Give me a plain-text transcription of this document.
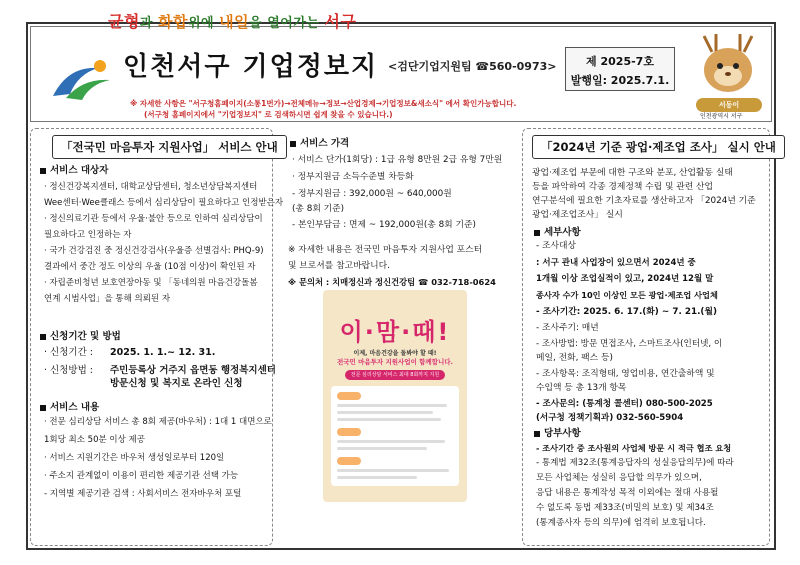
균형과 화합위에 내일을 열어가는 서구
인천서구 기업정보지 <검단기업지원팀 ☎560-0973>	제 2025-7호
발행일: 2025.7.1.
※ 자세한 사항은 "서구청홈페이지(소통1번가)→전체메뉴→정보→산업경제→기업정보&새소식" 에서 확인가능합니다.
(서구청 홈페이지에서 "기업정보지" 로 검색하시면 쉽게 찾을 수 있습니다.)
서동이
인천광역시 서구
「전국민 마음투자 지원사업」 서비스 안내
서비스 대상자
· 정신건강복지센터, 대학교상담센터, 청소년상담복지센터
Wee센터·Wee클래스 등에서 심리상담이 필요하다고 인정받은자
· 정신의료기관 등에서 우울·불안 등으로 인하여 심리상담이
필요하다고 인정하는 자
· 국가 건강검진 중 정신건강검사(우울증 선별검사: PHQ-9)
결과에서 중간 정도 이상의 우울 (10점 이상)이 확인된 자
· 자립준비청년 보호연장아동 및 「동네의원 마음건강돌봄
연계 시범사업」을 통해 의뢰된 자
신청기간 및 방법
· 신청기간 : 2025. 1. 1.~ 12. 31.
· 신청방법 : 주민등록상 거주지 읍면동 행정복지센터
방문신청 및 복지로 온라인 신청
서비스 내용
· 전문 심리상담 서비스 총 8회 제공(바우처) : 1대 1 대면으로
1회당 최소 50분 이상 제공
· 서비스 지원기간은 바우처 생성일로부터 120일
· 주소지 관계없이 이용이 편리한 제공기관 선택 가능
- 지역별 제공기관 검색 : 사회서비스 전자바우처 포털
서비스 가격
· 서비스 단가(1회당) : 1급 유형 8만원 2급 유형 7만원
· 정부지원금 소득수준별 차등화
- 정부지원금 : 392,000원 ~ 640,000원
(총 8회 기준)
- 본인부담금 : 면제 ~ 192,000원(총 8회 기준)
※ 자세한 내용은 전국민 마음투자 지원사업 포스터
및 브로셔를 참고바랍니다.
※ 문의처 : 치매정신과 정신건강팀 ☎ 032-718-0624
이·맘·때!
이제, 마음건강을 돌봐야 할 때!
전국민 마음투자 지원사업이 함께합니다.
전문 심리상담 서비스 최대 8회까지 지원
「2024년 기준 광업·제조업 조사」 실시 안내
광업·제조업 부문에 대한 구조와 분포, 산업활동 실태
등을 파악하여 각종 경제정책 수립 및 관련 산업
연구분석에 필요한 기초자료를 생산하고자 「2024년 기준
광업·제조업조사」 실시
세부사항
- 조사대상
: 서구 관내 사업장이 있으면서 2024년 중
1개월 이상 조업실적이 있고, 2024년 12월 말
종사자 수가 10인 이상인 모든 광업·제조업 사업체
- 조사기간: 2025. 6. 17.(화) ~ 7. 21.(월)
- 조사주기: 매년
- 조사방법: 방문 면접조사, 스마트조사(인터넷, 이
메일, 전화, 팩스 등)
- 조사항목: 조직형태, 영업비용, 연간출하액 및
수입액 등 총 13개 항목
- 조사문의: (통계청 콜센터) 080-500-2025
(서구청 정책기획과) 032-560-5904
당부사항
- 조사기간 중 조사원의 사업체 방문 시 적극 협조 요청
- 통계법 제32조(통계응답자의 성실응답의무)에 따라
모든 사업체는 성실히 응답할 의무가 있으며,
응답 내용은 통계작성 목적 이외에는 절대 사용될
수 없도록 동법 제33조(비밀의 보호) 및 제34조
(통계종사자 등의 의무)에 엄격히 보호됩니다.
